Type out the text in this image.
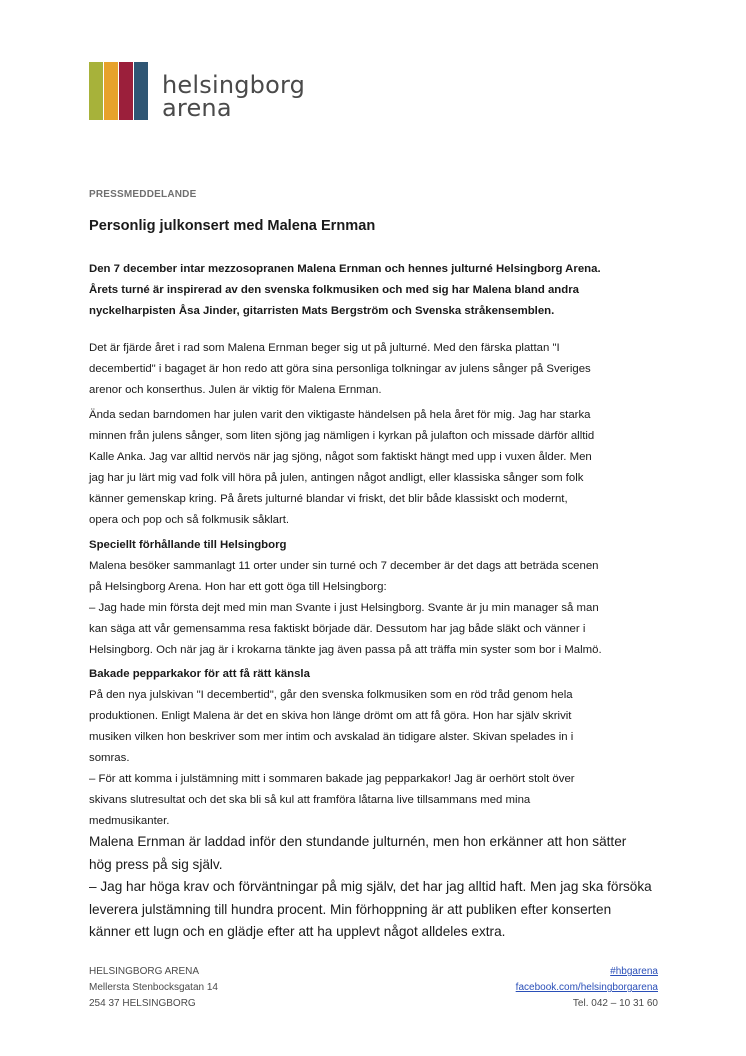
helsingborg
arena
PRESSMEDDELANDE
Personlig julkonsert med Malena Ernman

Den 7 december intar mezzosopranen Malena Ernman och hennes julturné Helsingborg Arena.
Årets turné är inspirerad av den svenska folkmusiken och med sig har Malena bland andra
nyckelharpisten Åsa Jinder, gitarristen Mats Bergström och Svenska stråkensemblen.

Det är fjärde året i rad som Malena Ernman beger sig ut på julturné. Med den färska plattan "I
decembertid" i bagaget är hon redo att göra sina personliga tolkningar av julens sånger på Sveriges
arenor och konserthus. Julen är viktig för Malena Ernman.

Ända sedan barndomen har julen varit den viktigaste händelsen på hela året för mig. Jag har starka
minnen från julens sånger, som liten sjöng jag nämligen i kyrkan på julafton och missade därför alltid
Kalle Anka. Jag var alltid nervös när jag sjöng, något som faktiskt hängt med upp i vuxen ålder. Men
jag har ju lärt mig vad folk vill höra på julen, antingen något andligt, eller klassiska sånger som folk
känner gemenskap kring. På årets julturné blandar vi friskt, det blir både klassiskt och modernt,
opera och pop och så folkmusik såklart.

Speciellt förhållande till Helsingborg

Malena besöker sammanlagt 11 orter under sin turné och 7 december är det dags att beträda scenen
på Helsingborg Arena. Hon har ett gott öga till Helsingborg:
– Jag hade min första dejt med min man Svante i just Helsingborg. Svante är ju min manager så man
kan säga att vår gemensamma resa faktiskt började där. Dessutom har jag både släkt och vänner i
Helsingborg. Och när jag är i krokarna tänkte jag även passa på att träffa min syster som bor i Malmö.

Bakade pepparkakor för att få rätt känsla

På den nya julskivan "I decembertid", går den svenska folkmusiken som en röd tråd genom hela
produktionen. Enligt Malena är det en skiva hon länge drömt om att få göra. Hon har själv skrivit
musiken vilken hon beskriver som mer intim och avskalad än tidigare alster. Skivan spelades in i
somras.
– För att komma i julstämning mitt i sommaren bakade jag pepparkakor! Jag är oerhört stolt över
skivans slutresultat och det ska bli så kul att framföra låtarna live tillsammans med mina
medmusikanter.

Malena Ernman är laddad inför den stundande julturnén, men hon erkänner att hon sätter
hög press på sig själv.
– Jag har höga krav och förväntningar på mig själv, det har jag alltid haft. Men jag ska försöka
leverera julstämning till hundra procent. Min förhoppning är att publiken efter konserten
känner ett lugn och en glädje efter att ha upplevt något alldeles extra.

HELSINGBORG ARENA
Mellersta Stenbocksgatan 14
254 37 HELSINGBORG
#hbgarena
facebook.com/helsingborgarena
Tel. 042 – 10 31 60
